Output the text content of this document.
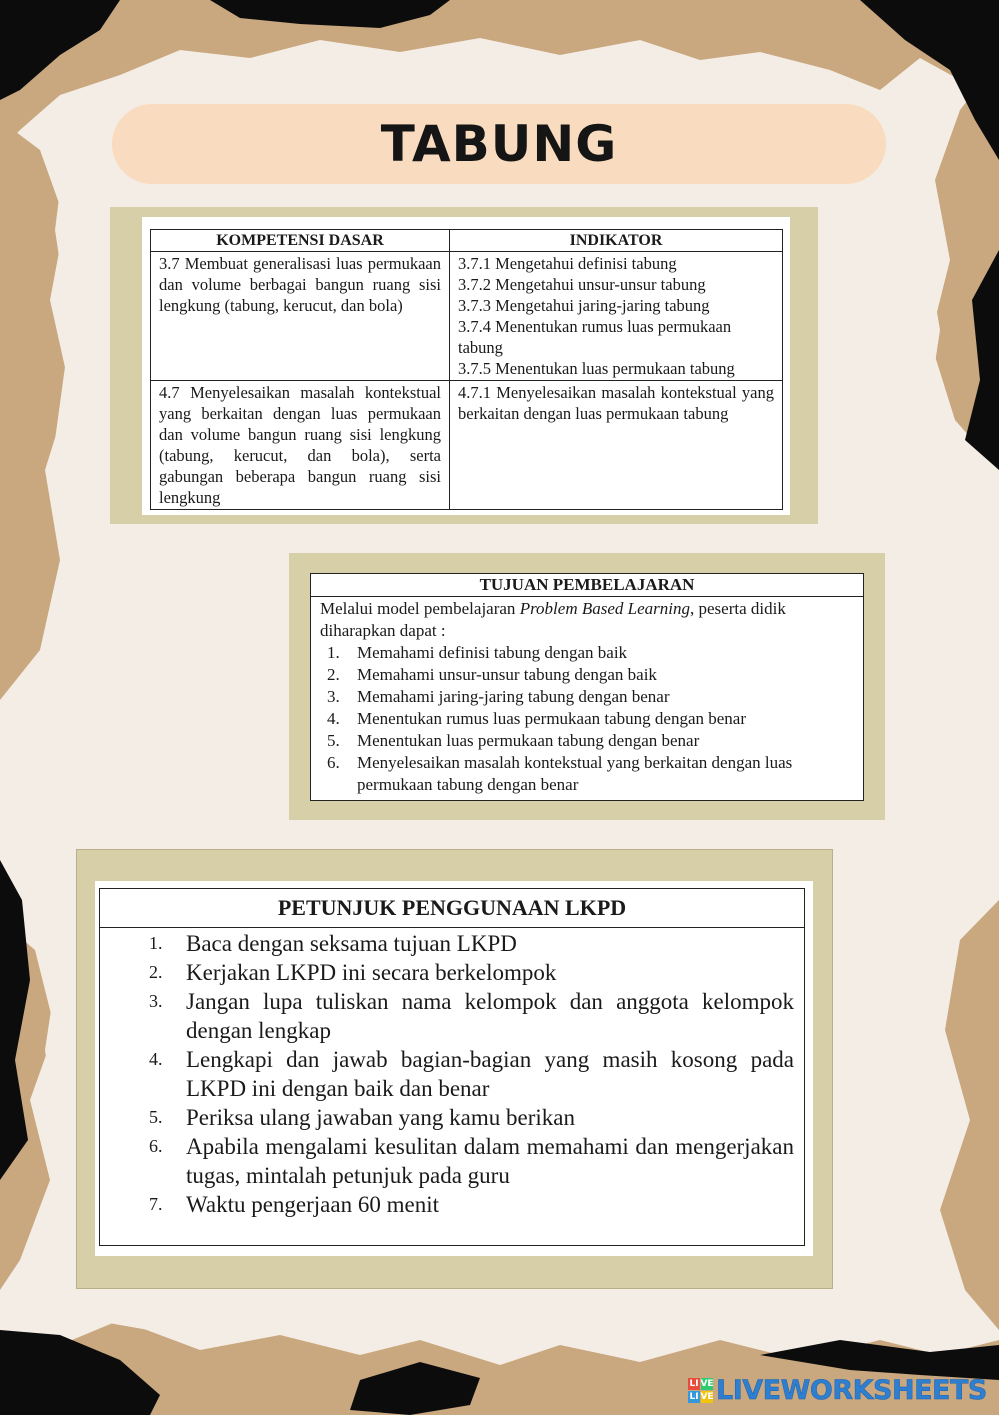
TABUNG
KOMPETENSI DASAR	INDIKATOR
3.7 Membuat generalisasi luas permukaan dan volume berbagai bangun ruang sisi lengkung (tabung, kerucut, dan bola)	3.7.1 Mengetahui definisi tabung
3.7.2 Mengetahui unsur-unsur tabung
3.7.3 Mengetahui jaring-jaring tabung
3.7.4 Menentukan rumus luas permukaan tabung
3.7.5 Menentukan luas permukaan tabung

4.7 Menyelesaikan masalah kontekstual yang berkaitan dengan luas permukaan dan volume bangun ruang sisi lengkung (tabung, kerucut, dan bola), serta gabungan beberapa bangun ruang sisi lengkung	4.7.1 Menyelesaikan masalah kontekstual yang berkaitan dengan luas permukaan tabung
TUJUAN PEMBELAJARAN
Melalui model pembelajaran Problem Based Learning, peserta didik diharapkan dapat :
1.	Memahami definisi tabung dengan baik
2.	Memahami unsur-unsur tabung dengan baik
3.	Memahami jaring-jaring tabung dengan benar
4.	Menentukan rumus luas permukaan tabung dengan benar
5.	Menentukan luas permukaan tabung dengan benar
6.	Menyelesaikan masalah kontekstual yang berkaitan dengan luas permukaan tabung dengan benar
PETUNJUK PENGGUNAAN LKPD
1.	Baca dengan seksama tujuan LKPD
2.	Kerjakan LKPD ini secara berkelompok
3.	Jangan lupa tuliskan nama kelompok dan anggota kelompok dengan lengkap
4.	Lengkapi dan jawab bagian-bagian yang masih kosong pada LKPD ini dengan baik dan benar
5.	Periksa ulang jawaban yang kamu berikan
6.	Apabila mengalami kesulitan dalam memahami dan mengerjakan tugas, mintalah petunjuk pada guru
7.	Waktu pengerjaan 60 menit
LI VE
LI VE LIVEWORKSHEETS
